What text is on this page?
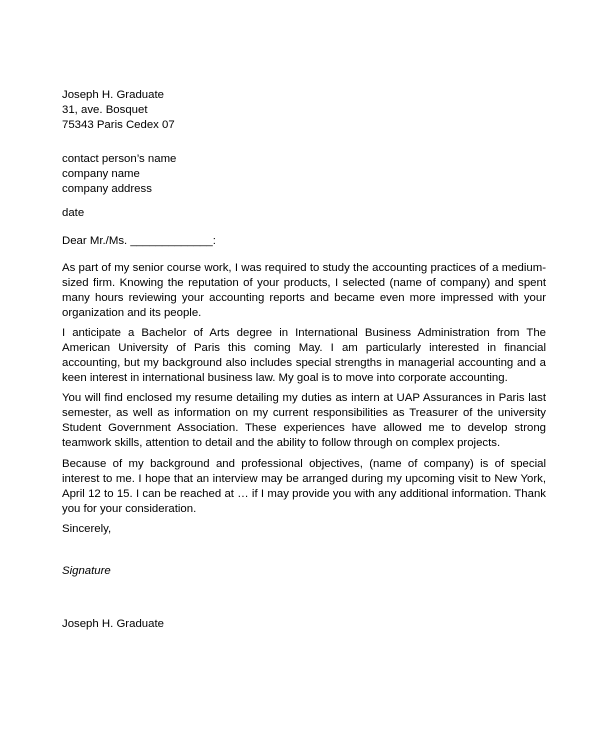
Joseph H. Graduate
31, ave. Bosquet
75343 Paris Cedex 07
contact person’s name
company name
company address
date
Dear Mr./Ms. _____________:
As part of my senior course work, I was required to study the accounting practices of a medium-sized firm. Knowing the reputation of your products, I selected (name of company) and spent many hours reviewing your accounting reports and became even more impressed with your organization and its people.
I anticipate a Bachelor of Arts degree in International Business Administration from The American University of Paris this coming May. I am particularly interested in financial accounting, but my background also includes special strengths in managerial accounting and a keen interest in international business law. My goal is to move into corporate accounting.
You will find enclosed my resume detailing my duties as intern at UAP Assurances in Paris last semester, as well as information on my current responsibilities as Treasurer of the university Student Government Association. These experiences have allowed me to develop strong teamwork skills, attention to detail and the ability to follow through on complex projects.
Because of my background and professional objectives, (name of company) is of special interest to me. I hope that an interview may be arranged during my upcoming visit to New York, April 12 to 15. I can be reached at … if I may provide you with any additional information. Thank you for your consideration.
Sincerely,
Signature
Joseph H. Graduate
